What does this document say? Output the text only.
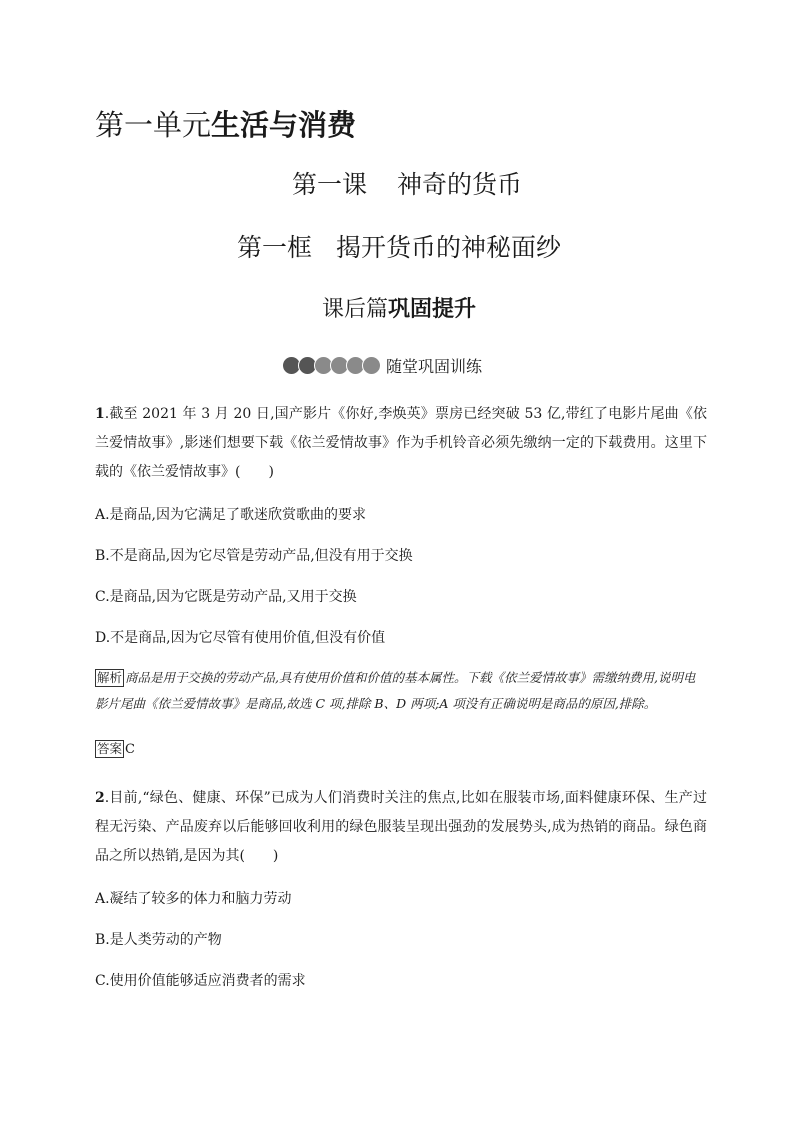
第一单元生活与消费
第一课 神奇的货币
第一框 揭开货币的神秘面纱
课后篇巩固提升
随堂巩固训练

1.截至 2021 年 3 月 20 日,国产影片《你好,李焕英》票房已经突破 53 亿,带红了电影片尾曲《依兰爱情故事》,影迷们想要下载《依兰爱情故事》作为手机铃音必须先缴纳一定的下载费用。这里下载的《依兰爱情故事》(　　)

A.是商品,因为它满足了歌迷欣赏歌曲的要求

B.不是商品,因为它尽管是劳动产品,但没有用于交换

C.是商品,因为它既是劳动产品,又用于交换

D.不是商品,因为它尽管有使用价值,但没有价值

解析 商品是用于交换的劳动产品,具有使用价值和价值的基本属性。下载《依兰爱情故事》需缴纳费用,说明电影片尾曲《依兰爱情故事》是商品,故选 C 项,排除 B、D 两项;A 项没有正确说明是商品的原因,排除。

答案 C

2.目前,“绿色、健康、环保”已成为人们消费时关注的焦点,比如在服装市场,面料健康环保、生产过程无污染、产品废弃以后能够回收利用的绿色服装呈现出强劲的发展势头,成为热销的商品。绿色商品之所以热销,是因为其(　　)

A.凝结了较多的体力和脑力劳动

B.是人类劳动的产物

C.使用价值能够适应消费者的需求
